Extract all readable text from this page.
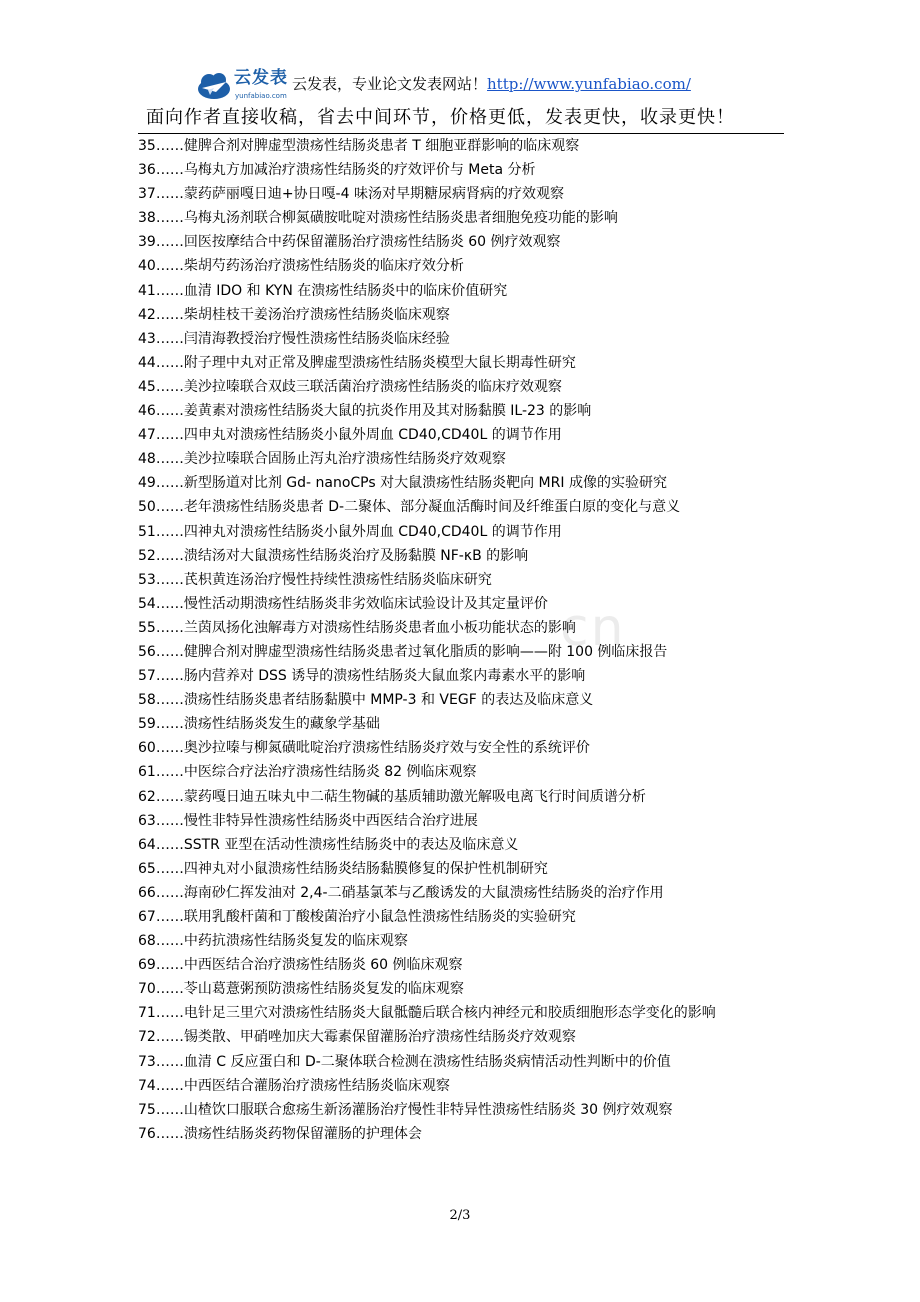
云发表
yunfabiao.com
云发表，专业论文发表网站！http://www.yunfabiao.com/
面向作者直接收稿，省去中间环节，价格更低，发表更快，收录更快！
cn
35……健脾合剂对脾虚型溃疡性结肠炎患者 T 细胞亚群影响的临床观察
36……乌梅丸方加减治疗溃疡性结肠炎的疗效评价与 Meta 分析
37……蒙药萨丽嘎日迪+协日嘎-4 味汤对早期糖尿病肾病的疗效观察
38……乌梅丸汤剂联合柳氮磺胺吡啶对溃疡性结肠炎患者细胞免疫功能的影响
39……回医按摩结合中药保留灌肠治疗溃疡性结肠炎 60 例疗效观察
40……柴胡芍药汤治疗溃疡性结肠炎的临床疗效分析
41……血清 IDO 和 KYN 在溃疡性结肠炎中的临床价值研究
42……柴胡桂枝干姜汤治疗溃疡性结肠炎临床观察
43……闫清海教授治疗慢性溃疡性结肠炎临床经验
44……附子理中丸对正常及脾虚型溃疡性结肠炎模型大鼠长期毒性研究
45……美沙拉嗪联合双歧三联活菌治疗溃疡性结肠炎的临床疗效观察
46……姜黄素对溃疡性结肠炎大鼠的抗炎作用及其对肠黏膜 IL-23 的影响
47……四申丸对溃疡性结肠炎小鼠外周血 CD40,CD40L 的调节作用
48……美沙拉嗪联合固肠止泻丸治疗溃疡性结肠炎疗效观察
49……新型肠道对比剂 Gd- nanoCPs 对大鼠溃疡性结肠炎靶向 MRI 成像的实验研究
50……老年溃疡性结肠炎患者 D-二聚体、部分凝血活酶时间及纤维蛋白原的变化与意义
51……四神丸对溃疡性结肠炎小鼠外周血 CD40,CD40L 的调节作用
52……溃结汤对大鼠溃疡性结肠炎治疗及肠黏膜 NF-κB 的影响
53……芪枳黄连汤治疗慢性持续性溃疡性结肠炎临床研究
54……慢性活动期溃疡性结肠炎非劣效临床试验设计及其定量评价
55……兰茵凤扬化浊解毒方对溃疡性结肠炎患者血小板功能状态的影响
56……健脾合剂对脾虚型溃疡性结肠炎患者过氧化脂质的影响——附 100 例临床报告
57……肠内营养对 DSS 诱导的溃疡性结肠炎大鼠血浆内毒素水平的影响
58……溃疡性结肠炎患者结肠黏膜中 MMP-3 和 VEGF 的表达及临床意义
59……溃疡性结肠炎发生的藏象学基础
60……奥沙拉嗪与柳氮磺吡啶治疗溃疡性结肠炎疗效与安全性的系统评价
61……中医综合疗法治疗溃疡性结肠炎 82 例临床观察
62……蒙药嘎日迪五味丸中二萜生物碱的基质辅助激光解吸电离飞行时间质谱分析
63……慢性非特异性溃疡性结肠炎中西医结合治疗进展
64……SSTR 亚型在活动性溃疡性结肠炎中的表达及临床意义
65……四神丸对小鼠溃疡性结肠炎结肠黏膜修复的保护性机制研究
66……海南砂仁挥发油对 2,4-二硝基氯苯与乙酸诱发的大鼠溃疡性结肠炎的治疗作用
67……联用乳酸杆菌和丁酸梭菌治疗小鼠急性溃疡性结肠炎的实验研究
68……中药抗溃疡性结肠炎复发的临床观察
69……中西医结合治疗溃疡性结肠炎 60 例临床观察
70……苓山葛薏粥预防溃疡性结肠炎复发的临床观察
71……电针足三里穴对溃疡性结肠炎大鼠骶髓后联合核内神经元和胶质细胞形态学变化的影响
72……锡类散、甲硝唑加庆大霉素保留灌肠治疗溃疡性结肠炎疗效观察
73……血清 C 反应蛋白和 D-二聚体联合检测在溃疡性结肠炎病情活动性判断中的价值
74……中西医结合灌肠治疗溃疡性结肠炎临床观察
75……山楂饮口服联合愈疡生新汤灌肠治疗慢性非特异性溃疡性结肠炎 30 例疗效观察
76……溃疡性结肠炎药物保留灌肠的护理体会
2/3
